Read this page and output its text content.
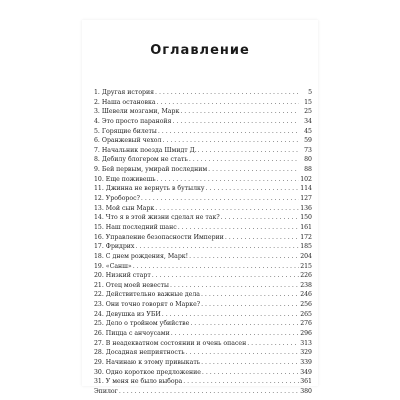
Оглавление
1. Другая история . . .	5
2. Наша остановка . . .	15
3. Шевели мозгами, Марк . . .	25
4. Это просто паранойя . . .	34
5. Горящие билеты . . .	45
6. Оранжевый чехол . . .	59
7. Начальник поезда Шмидт Д. . . .	73
8. Дебилу блогером не стать . . .	80
9. Бей первым, умирай последним . . .	88
10. Еще поживешь . . .	102
11. Джинна не вернуть в бутылку . . .	114
12. Уробороc? . . .	127
13. Мой сын Марк . . .	136
14. Что я в этой жизни сделал не так? . . .	150
15. Наш последний шанс . . .	161
16. Управление безопасности Империи . . .	172
17. Фридрих . . .	185
18. С днем рождения, Марк! . . .	204
19. «Санш» . . .	215
20. Низкий старт . . .	226
21. Отец моей невесты . . .	238
22. Действительно важные дела . . .	246
23. Они точно говорят о Марке? . . .	256
24. Девушка из УБИ . . .	265
25. Дело о тройном убийстве . . .	276
26. Пицца с анчоусами . . .	296
27. В неадекватном состоянии и очень опасен . . .	313
28. Досадная неприятность . . .	329
29. Начинаю к этому привыкать . . .	339
30. Одно короткое предложение . . .	349
31. У меня не было выбора . . .	361
Эпилог . . .	380
